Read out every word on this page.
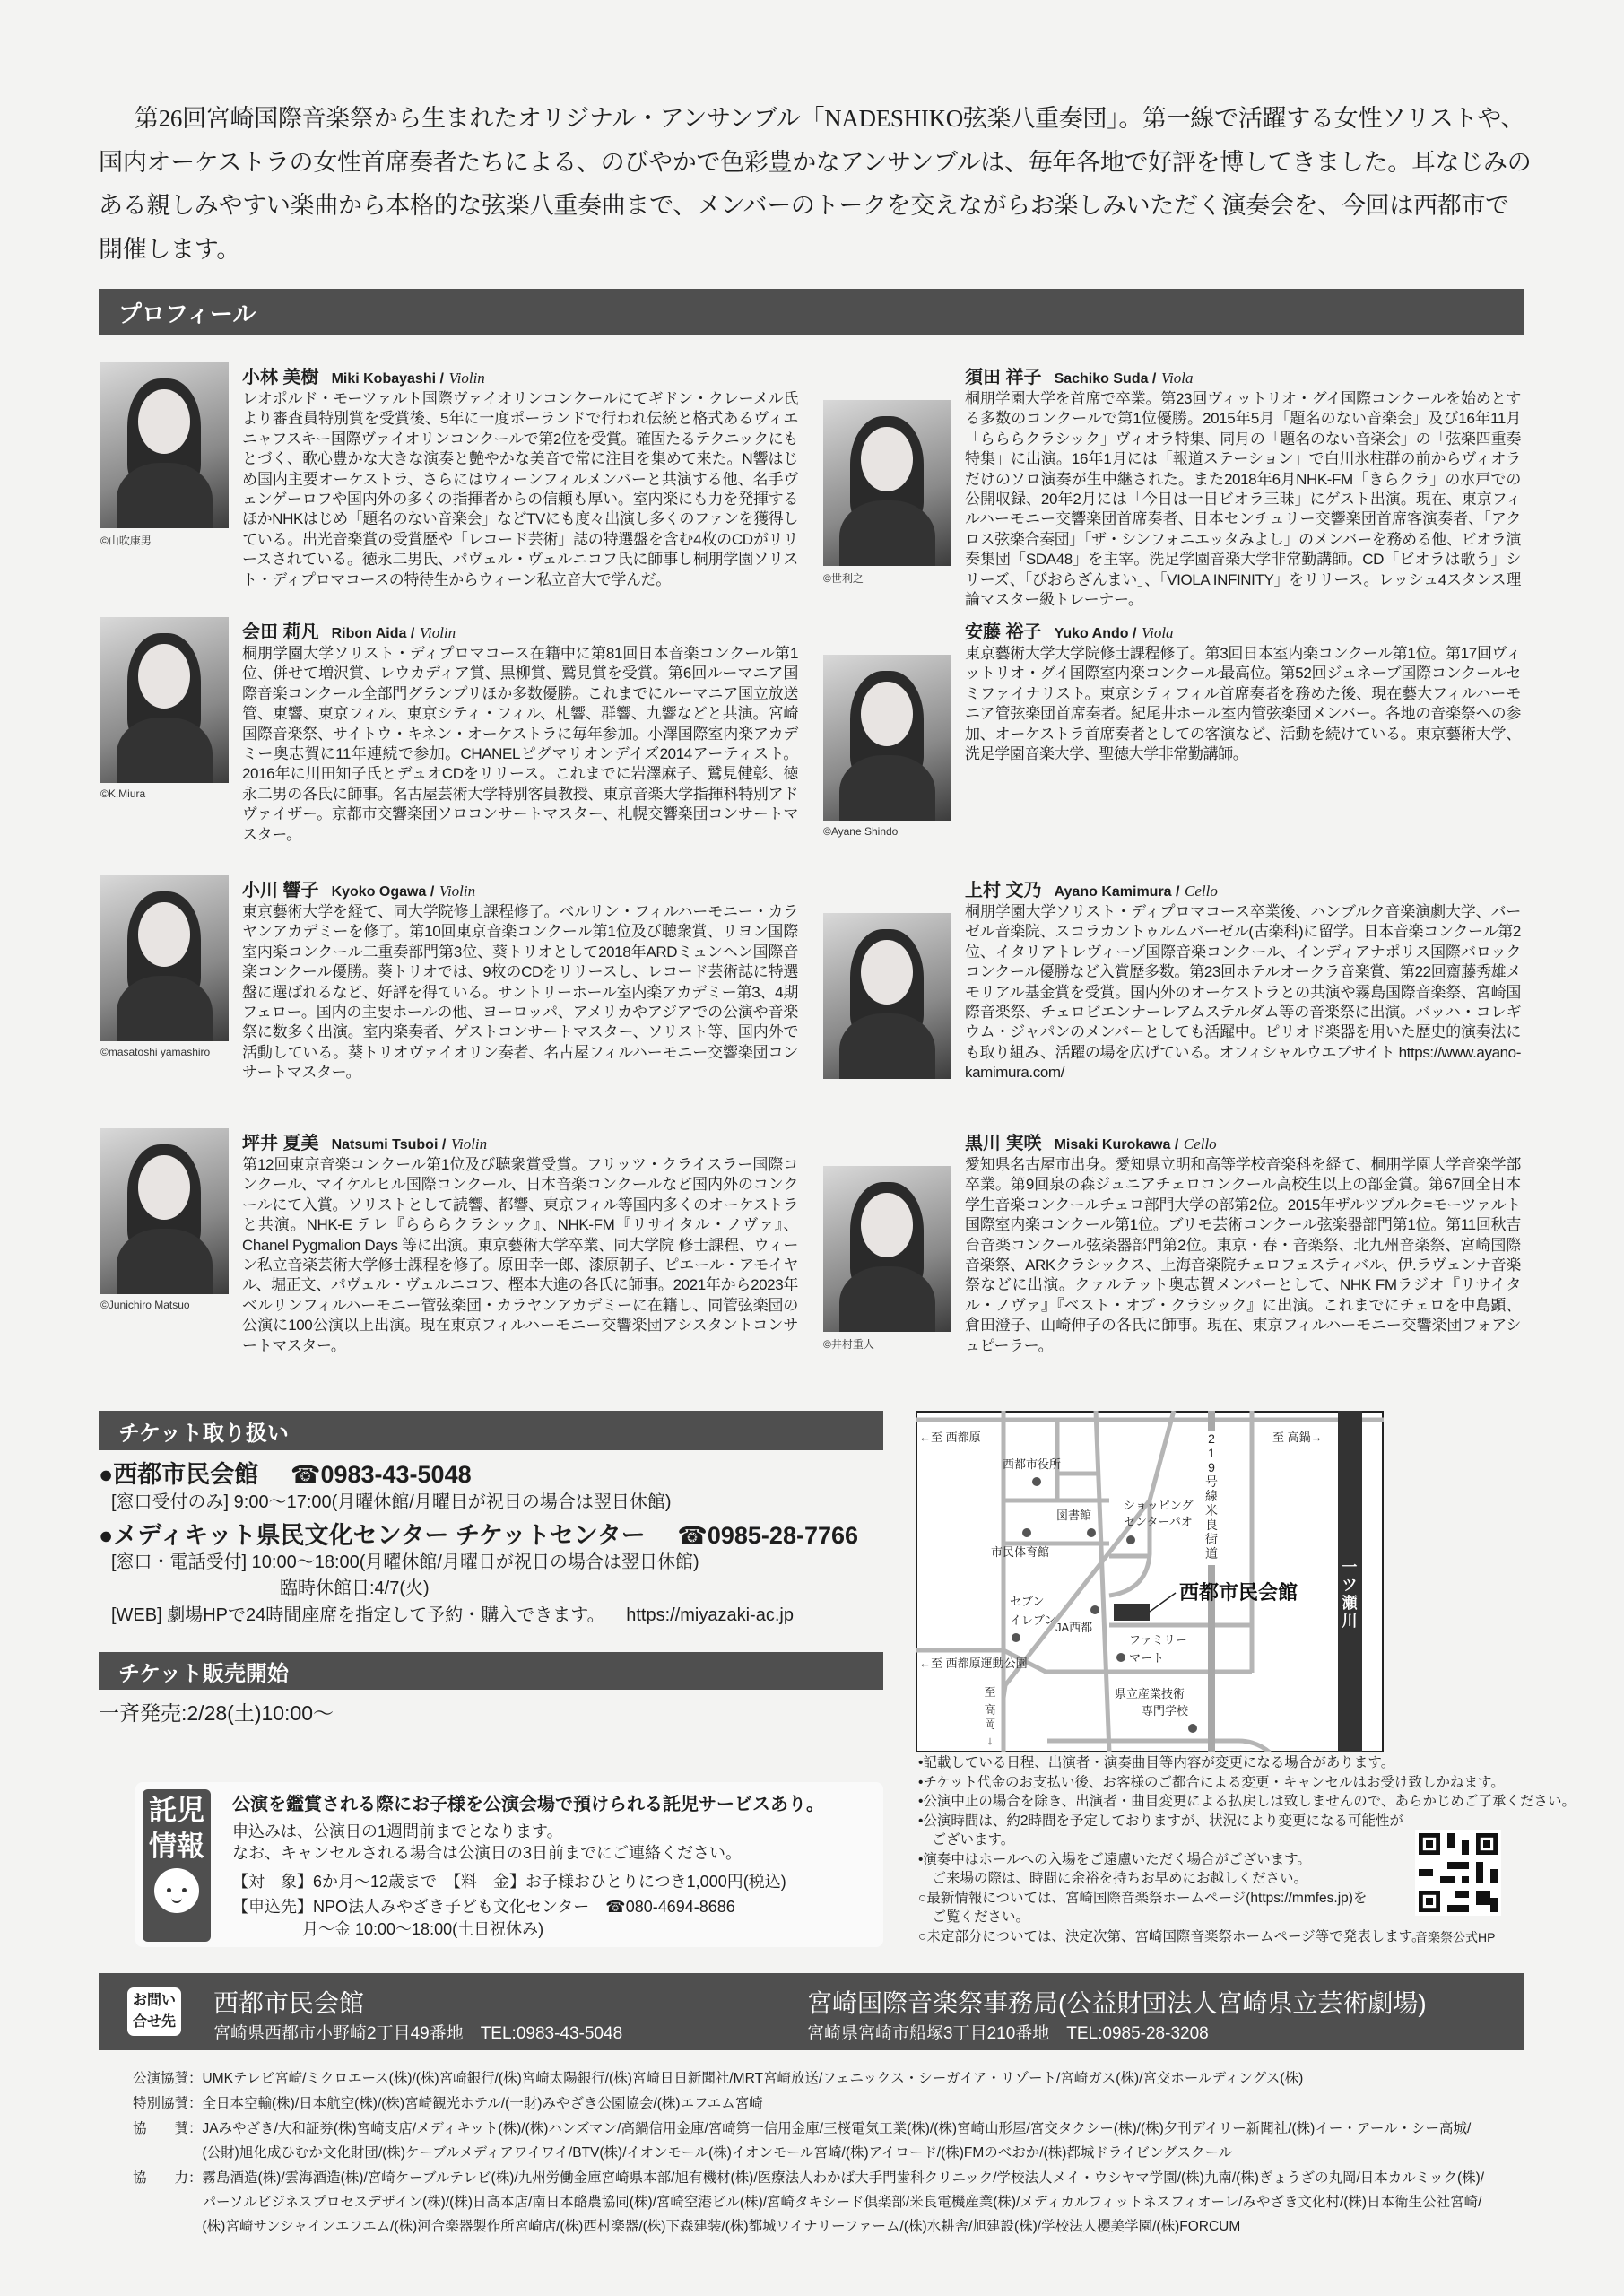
第26回宮崎国際音楽祭から生まれたオリジナル・アンサンブル「NADESHIKO弦楽八重奏団」。第一線で活躍する女性ソリストや、
国内オーケストラの女性首席奏者たちによる、のびやかで色彩豊かなアンサンブルは、毎年各地で好評を博してきました。耳なじみの
ある親しみやすい楽曲から本格的な弦楽八重奏曲まで、メンバーのトークを交えながらお楽しみいただく演奏会を、今回は西都市で
開催します。
プロフィール
©山吹康男
小林 美樹 Miki Kobayashi / Violin
レオポルド・モーツァルト国際ヴァイオリンコンクールにてギドン・クレーメル氏より審査員特別賞を受賞後、5年に一度ポーランドで行われ伝統と格式あるヴィエニャフスキー国際ヴァイオリンコンクールで第2位を受賞。確固たるテクニックにもとづく、歌心豊かな大きな演奏と艶やかな美音で常に注目を集めて来た。N響はじめ国内主要オーケストラ、さらにはウィーンフィルメンバーと共演する他、名手ヴェンゲーロフや国内外の多くの指揮者からの信頼も厚い。室内楽にも力を発揮するほかNHKはじめ「題名のない音楽会」などTVにも度々出演し多くのファンを獲得している。出光音楽賞の受賞歴や「レコード芸術」誌の特選盤を含む4枚のCDがリリースされている。徳永二男氏、パヴェル・ヴェルニコフ氏に師事し桐朋学園ソリスト・ディプロマコースの特待生からウィーン私立音大で学んだ。
©K.Miura
会田 莉凡 Ribon Aida / Violin
桐朋学園大学ソリスト・ディプロマコース在籍中に第81回日本音楽コンクール第1位、併せて増沢賞、レウカディア賞、黒柳賞、鷲見賞を受賞。第6回ルーマニア国際音楽コンクール全部門グランプリほか多数優勝。これまでにルーマニア国立放送管、東響、東京フィル、東京シティ・フィル、札響、群響、九響などと共演。宮崎国際音楽祭、サイトウ・キネン・オーケストラに毎年参加。小澤国際室内楽アカデミー奥志賀に11年連続で参加。CHANELピグマリオンデイズ2014アーティスト。2016年に川田知子氏とデュオCDをリリース。これまでに岩澤麻子、鷲見健彰、徳永二男の各氏に師事。名古屋芸術大学特別客員教授、東京音楽大学指揮科特別アドヴァイザー。京都市交響楽団ソロコンサートマスター、札幌交響楽団コンサートマスター。
©masatoshi yamashiro
小川 響子 Kyoko Ogawa / Violin
東京藝術大学を経て、同大学院修士課程修了。ベルリン・フィルハーモニー・カラヤンアカデミーを修了。第10回東京音楽コンクール第1位及び聴衆賞、リヨン国際室内楽コンクール二重奏部門第3位、葵トリオとして2018年ARDミュンヘン国際音楽コンクール優勝。葵トリオでは、9枚のCDをリリースし、レコード芸術誌に特選盤に選ばれるなど、好評を得ている。サントリーホール室内楽アカデミー第3、4期フェロー。国内の主要ホールの他、ヨーロッパ、アメリカやアジアでの公演や音楽祭に数多く出演。室内楽奏者、ゲストコンサートマスター、ソリスト等、国内外で活動している。葵トリオヴァイオリン奏者、名古屋フィルハーモニー交響楽団コンサートマスター。
©Junichiro Matsuo
坪井 夏美 Natsumi Tsuboi / Violin
第12回東京音楽コンクール第1位及び聴衆賞受賞。フリッツ・クライスラー国際コンクール、マイケルヒル国際コンクール、日本音楽コンクールなど国内外のコンクールにて入賞。ソリストとして読響、都響、東京フィル等国内多くのオーケストラと共演。NHK-E テレ『らららクラシック』、NHK-FM『リサイタル・ノヴァ』、Chanel Pygmalion Days 等に出演。東京藝術大学卒業、同大学院 修士課程、ウィーン私立音楽芸術大学修士課程を修了。原田幸一郎、漆原朝子、ピエール・アモイヤル、堀正文、パヴェル・ヴェルニコフ、樫本大進の各氏に師事。2021年から2023年ベルリンフィルハーモニー管弦楽団・カラヤンアカデミーに在籍し、同管弦楽団の公演に100公演以上出演。現在東京フィルハーモニー交響楽団アシスタントコンサートマスター。
©世利之
須田 祥子 Sachiko Suda / Viola
桐朋学園大学を首席で卒業。第23回ヴィットリオ・グイ国際コンクールを始めとする多数のコンクールで第1位優勝。2015年5月「題名のない音楽会」及び16年11月「らららクラシック」ヴィオラ特集、同月の「題名のない音楽会」の「弦楽四重奏特集」に出演。16年1月には「報道ステーション」で白川氷柱群の前からヴィオラだけのソロ演奏が生中継された。また2018年6月NHK-FM「きらクラ」の水戸での公開収録、20年2月には「今日は一日ビオラ三昧」にゲスト出演。現在、東京フィルハーモニー交響楽団首席奏者、日本センチュリー交響楽団首席客演奏者、「アクロス弦楽合奏団」「ザ・シンフォニエッタみよし」のメンバーを務める他、ビオラ演奏集団「SDA48」を主宰。洗足学園音楽大学非常勤講師。CD「ビオラは歌う」シリーズ、「びおらざんまい」、「VIOLA INFINITY」をリリース。レッシュ4スタンス理論マスター級トレーナー。
©Ayane Shindo
安藤 裕子 Yuko Ando / Viola
東京藝術大学大学院修士課程修了。第3回日本室内楽コンクール第1位。第17回ヴィットリオ・グイ国際室内楽コンクール最高位。第52回ジュネーブ国際コンクールセミファイナリスト。東京シティフィル首席奏者を務めた後、現在藝大フィルハーモニア管弦楽団首席奏者。紀尾井ホール室内管弦楽団メンバー。各地の音楽祭への参加、オーケストラ首席奏者としての客演など、活動を続けている。東京藝術大学、洗足学園音楽大学、聖徳大学非常勤講師。
上村 文乃 Ayano Kamimura / Cello
桐朋学園大学ソリスト・ディプロマコース卒業後、ハンブルク音楽演劇大学、バーゼル音楽院、スコラカントゥルムバーゼル(古楽科)に留学。日本音楽コンクール第2位、イタリアトレヴィーゾ国際音楽コンクール、インディアナポリス国際バロックコンクール優勝など入賞歴多数。第23回ホテルオークラ音楽賞、第22回齋藤秀雄メモリアル基金賞を受賞。国内外のオーケストラとの共演や霧島国際音楽祭、宮崎国際音楽祭、チェロビエンナーレアムステルダム等の音楽祭に出演。バッハ・コレギウム・ジャパンのメンバーとしても活躍中。ピリオド楽器を用いた歴史的演奏法にも取り組み、活躍の場を広げている。オフィシャルウエブサイト https://www.ayano-kamimura.com/
©井村重人
黒川 実咲 Misaki Kurokawa / Cello
愛知県名古屋市出身。愛知県立明和高等学校音楽科を経て、桐朋学園大学音楽学部卒業。第9回泉の森ジュニアチェロコンクール高校生以上の部金賞。第67回全日本学生音楽コンクールチェロ部門大学の部第2位。2015年ザルツブルク=モーツァルト国際室内楽コンクール第1位。ブリモ芸術コンクール弦楽器部門第1位。第11回秋吉台音楽コンクール弦楽器部門第2位。東京・春・音楽祭、北九州音楽祭、宮崎国際音楽祭、ARKクラシックス、上海音楽院チェロフェスティバル、伊.ラヴェンナ音楽祭などに出演。クァルテット奥志賀メンバーとして、NHK FMラジオ『リサイタル・ノヴァ』『ベスト・オブ・クラシック』に出演。これまでにチェロを中島顕、倉田澄子、山崎伸子の各氏に師事。現在、東京フィルハーモニー交響楽団フォアシュピーラー。
チケット取り扱い
●西都市民会館 ☎0983-43-5048
[窓口受付のみ] 9:00〜17:00(月曜休館/月曜日が祝日の場合は翌日休館)
●メディキット県民文化センター チケットセンター ☎0985-28-7766
[窓口・電話受付] 10:00〜18:00(月曜休館/月曜日が祝日の場合は翌日休館)
臨時休館日:4/7(火)
[WEB] 劇場HPで24時間座席を指定して予約・購入できます。 https://miyazaki-ac.jp
チケット販売開始
一斉発売:2/28(土)10:00〜
託児
情報
公演を鑑賞される際にお子様を公演会場で預けられる託児サービスあり。
申込みは、公演日の1週間前までとなります。
なお、キャンセルされる場合は公演日の3日前までにご連絡ください。
【対　象】6か月〜12歳まで　【料　金】お子様おひとりにつき1,000円(税込)
【申込先】NPO法人みやざき子ども文化センター　☎080-4694-8686
月〜金 10:00〜18:00(土日祝休み)
一
ツ
瀬
川
2
1
9
号
線
米
良
街
道
西都市民会館
←至 西都原	至 高鍋→
西都市役所
図書館
市民体育館
ショッピング
センターパオ
セブン
イレブン
JA西都
ファミリー
マート
←至 西都原運動公園
県立産業技術
専門学校
至
高
岡
↓
•記載している日程、出演者・演奏曲目等内容が変更になる場合があります。
•チケット代金のお支払い後、お客様のご都合による変更・キャンセルはお受け致しかねます。
•公演中止の場合を除き、出演者・曲目変更による払戻しは致しませんので、あらかじめご了承ください。
•公演時間は、約2時間を予定しておりますが、状況により変更になる可能性が
　ございます。
•演奏中はホールへの入場をご遠慮いただく場合がございます。
　ご来場の際は、時間に余裕を持ちお早めにお越しください。
○最新情報については、宮崎国際音楽祭ホームページ(https://mmfes.jp)を
　ご覧ください。
○未定部分については、決定次第、宮崎国際音楽祭ホームページ等で発表します。
音楽祭公式HP
お問い
合せ先
西都市民会館
宮崎県西都市小野崎2丁目49番地　TEL:0983-43-5048
宮崎国際音楽祭事務局(公益財団法人宮崎県立芸術劇場)
宮崎県宮崎市船塚3丁目210番地　TEL:0985-28-3208
公演協賛：UMKテレビ宮崎/ミクロエース(株)/(株)宮崎銀行/(株)宮崎太陽銀行/(株)宮崎日日新聞社/MRT宮崎放送/フェニックス・シーガイア・リゾート/宮崎ガス(株)/宮交ホールディングス(株)
特別協賛：全日本空輸(株)/日本航空(株)/(株)宮崎観光ホテル/(一財)みやざき公園協会/(株)エフエム宮崎
協　　賛：JAみやざき/大和証券(株)宮崎支店/メディキット(株)/(株)ハンズマン/高鍋信用金庫/宮崎第一信用金庫/三桜電気工業(株)/(株)宮崎山形屋/宮交タクシー(株)/(株)夕刊デイリー新聞社/(株)イー・アール・シー高城/
　　　　　(公財)旭化成ひむか文化財団/(株)ケーブルメディアワイワイ/BTV(株)/イオンモール(株)イオンモール宮崎/(株)アイロード/(株)FMのべおか/(株)都城ドライビングスクール
協　　力：霧島酒造(株)/雲海酒造(株)/宮崎ケーブルテレビ(株)/九州労働金庫宮崎県本部/旭有機材(株)/医療法人わかば大手門歯科クリニック/学校法人メイ・ウシヤマ学園/(株)九南/(株)ぎょうざの丸岡/日本カルミック(株)/
　　　　　パーソルビジネスプロセスデザイン(株)/(株)日髙本店/南日本酪農協同(株)/宮崎空港ビル(株)/宮崎タキシード倶楽部/米良電機産業(株)/メディカルフィットネスフィオーレ/みやざき文化村/(株)日本衛生公社宮崎/
　　　　　(株)宮崎サンシャインエフエム/(株)河合楽器製作所宮崎店/(株)西村楽器/(株)下森建装/(株)都城ワイナリーファーム/(株)水耕舎/旭建設(株)/学校法人櫻美学園/(株)FORCUM
